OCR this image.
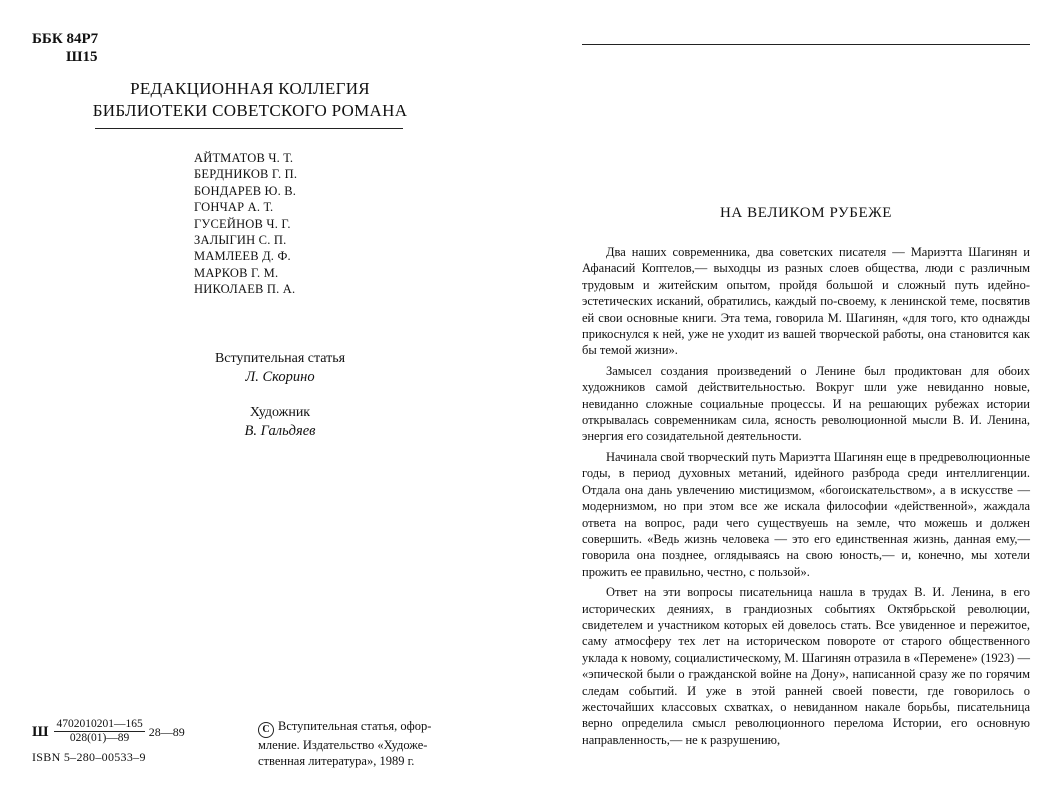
ББК 84Р7
Ш15
РЕДАКЦИОННАЯ КОЛЛЕГИЯ
БИБЛИОТЕКИ СОВЕТСКОГО РОМАНА
АЙТМАТОВ Ч. Т.
БЕРДНИКОВ Г. П.
БОНДАРЕВ Ю. В.
ГОНЧАР А. Т.
ГУСЕЙНОВ Ч. Г.
ЗАЛЫГИН С. П.
МАМЛЕЕВ Д. Ф.
МАРКОВ Г. М.
НИКОЛАЕВ П. А.
Вступительная статья
Л. Скорино
Художник
В. Гальдяев
Ш $\frac{4702010201—165}{028(01)—89}$ 28—89
ISBN 5–280–00533–9
C Вступительная статья, офор-
мление. Издательство «Художе-
ственная литература», 1989 г.
НА ВЕЛИКОМ РУБЕЖЕ

Два наших современника, два советских писателя — Мариэтта Шагинян и Афанасий Коптелов,— выходцы из разных слоев общества, люди с различным трудовым и житейским опытом, пройдя большой и сложный путь идейно-эстетических исканий, обратились, каждый по-своему, к ленинской теме, посвятив ей свои основные книги. Эта тема, говорила М. Шагинян, «для того, кто однажды прикоснулся к ней, уже не уходит из вашей творческой работы, она становится как бы темой жизни».

Замысел создания произведений о Ленине был продиктован для обоих художников самой действительностью. Вокруг шли уже невиданно новые, невиданно сложные социальные процессы. И на решающих рубежах истории открывалась современникам сила, ясность революционной мысли В. И. Ленина, энергия его созидательной деятельности.

Начинала свой творческий путь Мариэтта Шагинян еще в предреволюционные годы, в период духовных метаний, идейного разброда среди интеллигенции. Отдала она дань увлечению мистицизмом, «богоискательством», а в искусстве — модернизмом, но при этом все же искала философии «действенной», жаждала ответа на вопрос, ради чего существуешь на земле, что можешь и должен совершить. «Ведь жизнь человека — это его единственная жизнь, данная ему,— говорила она позднее, оглядываясь на свою юность,— и, конечно, мы хотели прожить ее правильно, честно, с пользой».

Ответ на эти вопросы писательница нашла в трудах В. И. Ленина, в его исторических деяниях, в грандиозных событиях Октябрьской революции, свидетелем и участником которых ей довелось стать. Все увиденное и пережитое, саму атмосферу тех лет на историческом повороте от старого общественного уклада к новому, социалистическому, М. Шагинян отразила в «Перемене» (1923) — «эпической были о гражданской войне на Дону», написанной сразу же по горячим следам событий. И уже в этой ранней своей повести, где говорилось о жесточайших классовых схватках, о невиданном накале борьбы, писательница верно определила смысл революционного перелома Истории, его основную направленность,— не к разрушению,
